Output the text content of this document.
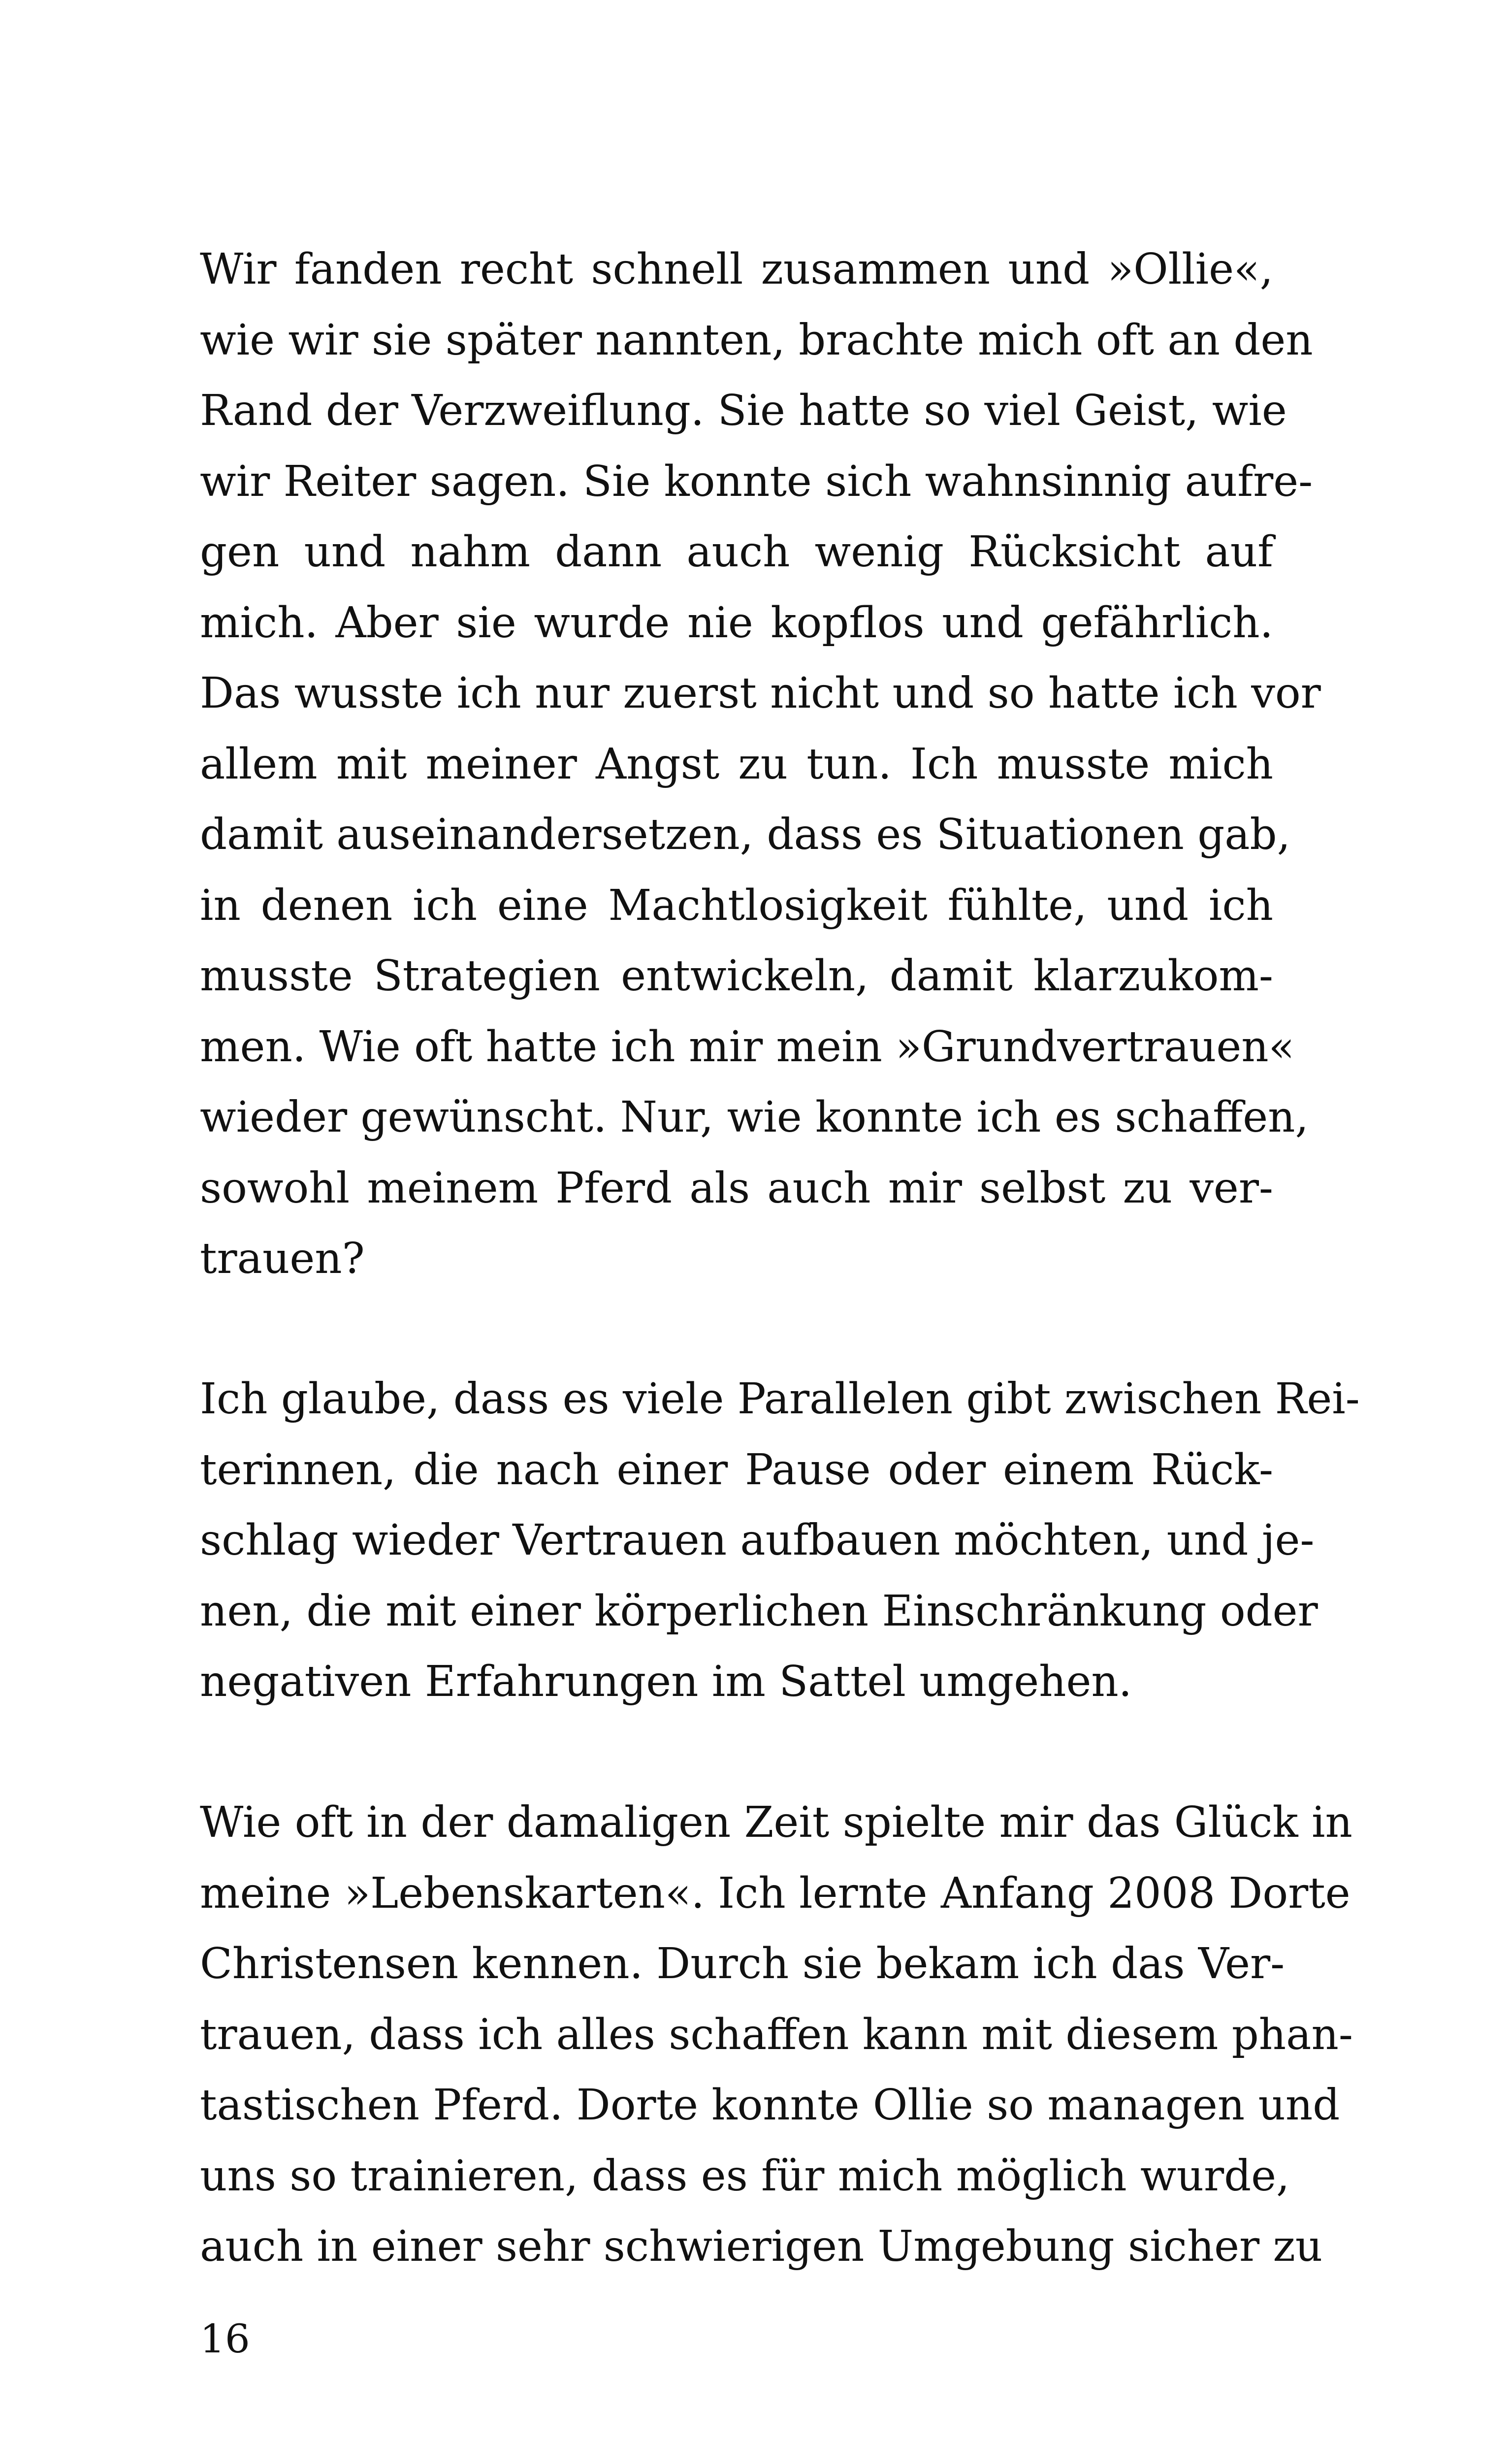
Wir fanden recht schnell zusammen und »Ollie«,
wie wir sie später nannten, brachte mich oft an den
Rand der Verzweiflung. Sie hatte so viel Geist, wie
wir Reiter sagen. Sie konnte sich wahnsinnig aufre-
gen und nahm dann auch wenig Rücksicht auf
mich. Aber sie wurde nie kopflos und gefährlich.
Das wusste ich nur zuerst nicht und so hatte ich vor
allem mit meiner Angst zu tun. Ich musste mich
damit auseinandersetzen, dass es Situationen gab,
in denen ich eine Machtlosigkeit fühlte, und ich
musste Strategien entwickeln, damit klarzukom-
men. Wie oft hatte ich mir mein »Grundvertrauen«
wieder gewünscht. Nur, wie konnte ich es schaffen,
sowohl meinem Pferd als auch mir selbst zu ver-
trauen?
Ich glaube, dass es viele Parallelen gibt zwischen Rei-
terinnen, die nach einer Pause oder einem Rück-
schlag wieder Vertrauen aufbauen möchten, und je-
nen, die mit einer körperlichen Einschränkung oder
negativen Erfahrungen im Sattel umgehen.
Wie oft in der damaligen Zeit spielte mir das Glück in
meine »Lebenskarten«. Ich lernte Anfang 2008 Dorte
Christensen kennen. Durch sie bekam ich das Ver-
trauen, dass ich alles schaffen kann mit diesem phan-
tastischen Pferd. Dorte konnte Ollie so managen und
uns so trainieren, dass es für mich möglich wurde,
auch in einer sehr schwierigen Umgebung sicher zu
16
